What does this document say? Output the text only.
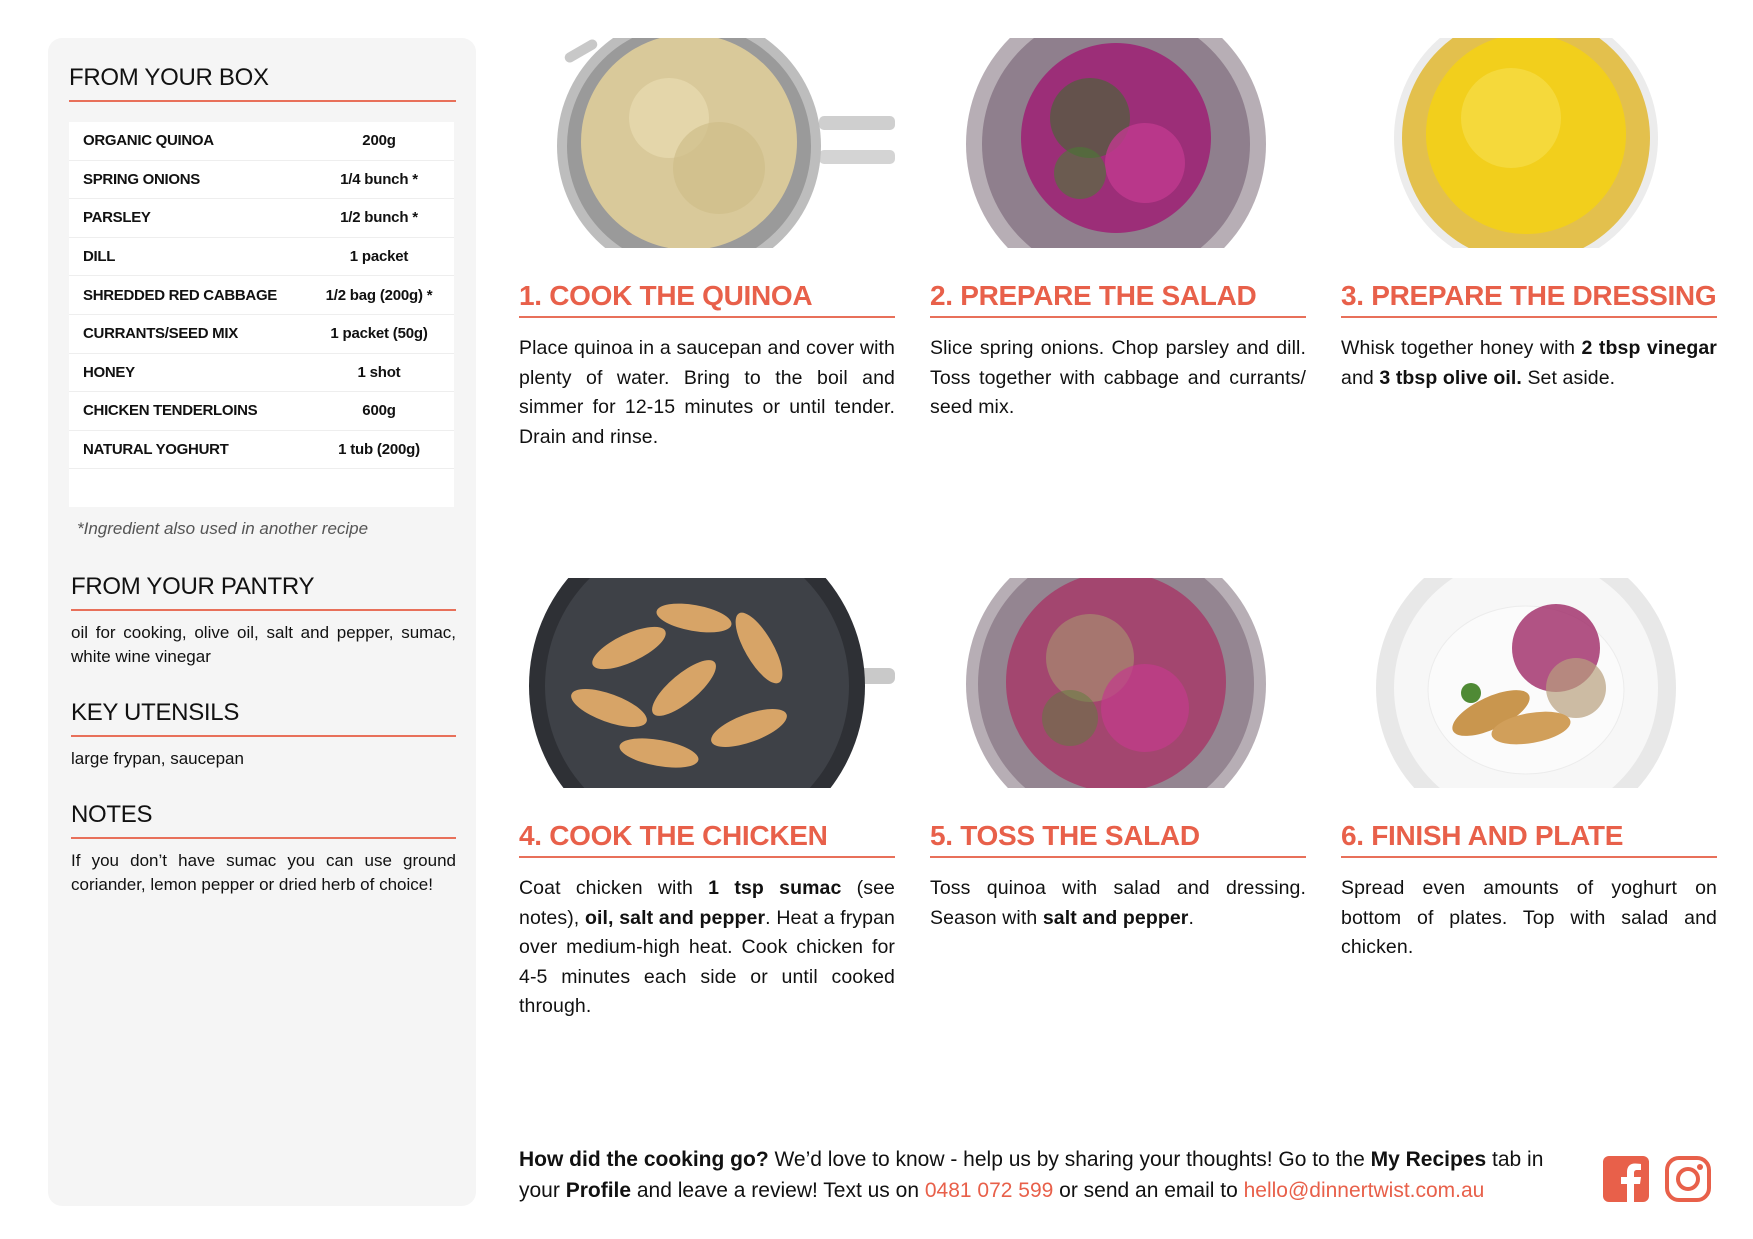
FROM YOUR BOX
ORGANIC QUINOA	200g
SPRING ONIONS	1/4 bunch *
PARSLEY	1/2 bunch *
DILL	1 packet
SHREDDED RED CABBAGE	1/2 bag (200g) *
CURRANTS/SEED MIX	1 packet (50g)
HONEY	1 shot
CHICKEN TENDERLOINS	600g
NATURAL YOGHURT	1 tub (200g)

*Ingredient also used in another recipe

FROM YOUR PANTRY

oil for cooking, olive oil, salt and pepper, sumac, white wine vinegar

KEY UTENSILS

large frypan, saucepan

NOTES

If you don’t have sumac you can use ground coriander, lemon pepper or dried herb of choice!

1. COOK THE QUINOA

Place quinoa in a saucepan and cover with plenty of water. Bring to the boil and simmer for 12-15 minutes or until tender. Drain and rinse.

2. PREPARE THE SALAD

Slice spring onions. Chop parsley and dill. Toss together with cabbage and currants/ seed mix.

3. PREPARE THE DRESSING

Whisk together honey with 2 tbsp vinegar and 3 tbsp olive oil. Set aside.

4. COOK THE CHICKEN

Coat chicken with 1 tsp sumac (see notes), oil, salt and pepper. Heat a frypan over medium-high heat. Cook chicken for 4-5 minutes each side or until cooked through.

5. TOSS THE SALAD

Toss quinoa with salad and dressing. Season with salt and pepper.

6. FINISH AND PLATE

Spread even amounts of yoghurt on bottom of plates. Top with salad and chicken.

How did the cooking go? We’d love to know - help us by sharing your thoughts! Go to the My Recipes tab in your Profile and leave a review! Text us on 0481 072 599 or send an email to hello@dinnertwist.com.au
